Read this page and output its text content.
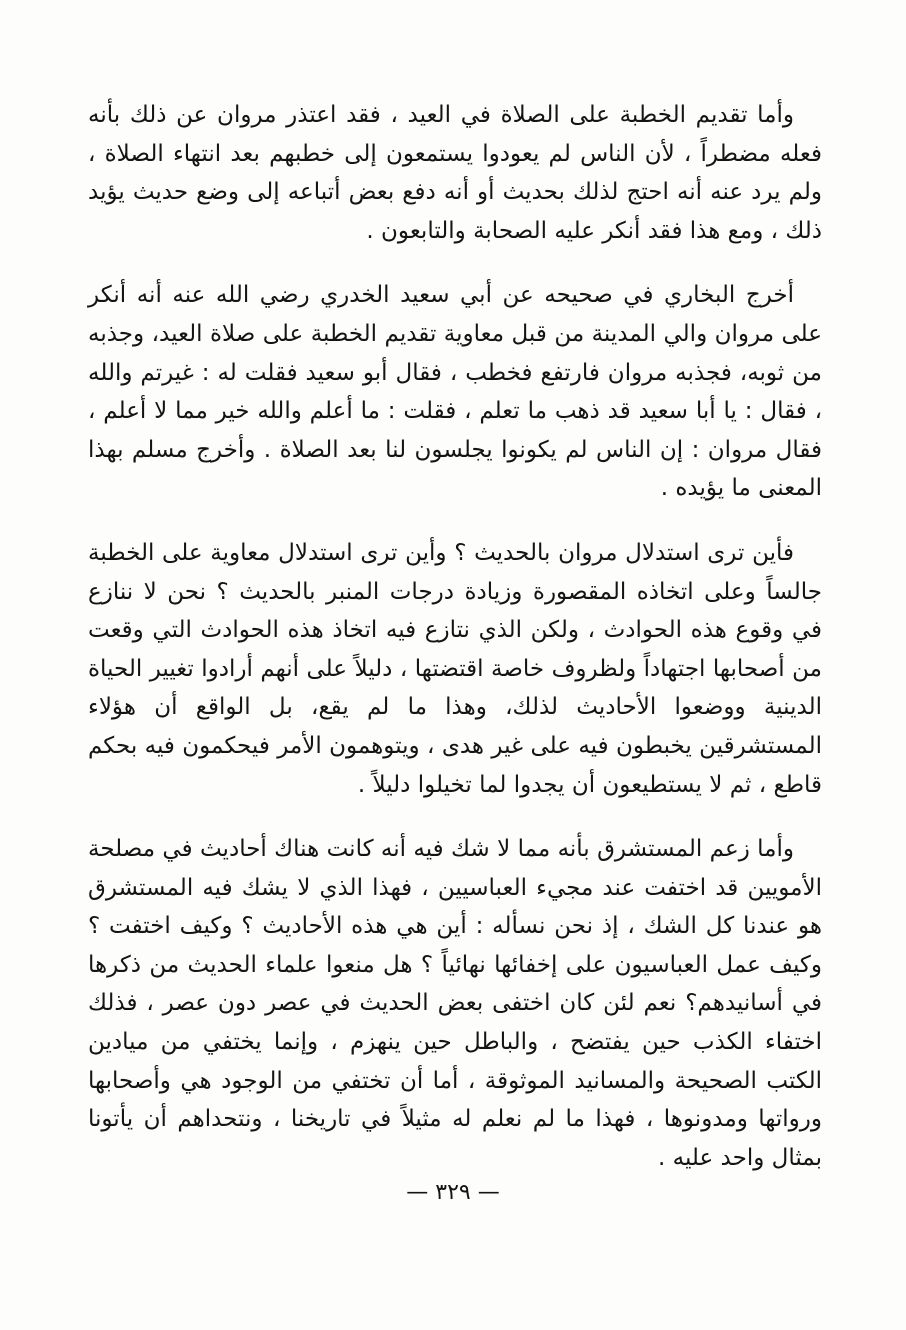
وأما تقديم الخطبة على الصلاة في العيد ، فقد اعتذر مروان عن ذلك بأنه فعله مضطراً ، لأن الناس لم يعودوا يستمعون إلى خطبهم بعد انتهاء الصلاة ، ولم يرد عنه أنه احتج لذلك بحديث أو أنه دفع بعض أتباعه إلى وضع حديث يؤيد ذلك ، ومع هذا فقد أنكر عليه الصحابة والتابعون .

أخرج البخاري في صحيحه عن أبي سعيد الخدري رضي الله عنه أنه أنكر على مروان والي المدينة من قبل معاوية تقديم الخطبة على صلاة العيد، وجذبه من ثوبه، فجذبه مروان فارتفع فخطب ، فقال أبو سعيد فقلت له : غيرتم والله ، فقال : يا أبا سعيد قد ذهب ما تعلم ، فقلت : ما أعلم والله خير مما لا أعلم ، فقال مروان : إن الناس لم يكونوا يجلسون لنا بعد الصلاة . وأخرج مسلم بهذا المعنى ما يؤيده .

فأين ترى استدلال مروان بالحديث ؟ وأين ترى استدلال معاوية على الخطبة جالساً وعلى اتخاذه المقصورة وزيادة درجات المنبر بالحديث ؟ نحن لا ننازع في وقوع هذه الحوادث ، ولكن الذي نتازع فيه اتخاذ هذه الحوادث التي وقعت من أصحابها اجتهاداً ولظروف خاصة اقتضتها ، دليلاً على أنهم أرادوا تغيير الحياة الدينية ووضعوا الأحاديث لذلك، وهذا ما لم يقع، بل الواقع أن هؤلاء المستشرقين يخبطون فيه على غير هدى ، ويتوهمون الأمر فيحكمون فيه بحكم قاطع ، ثم لا يستطيعون أن يجدوا لما تخيلوا دليلاً .

وأما زعم المستشرق بأنه مما لا شك فيه أنه كانت هناك أحاديث في مصلحة الأمويين قد اختفت عند مجيء العباسيين ، فهذا الذي لا يشك فيه المستشرق هو عندنا كل الشك ، إذ نحن نسأله : أين هي هذه الأحاديث ؟ وكيف اختفت ؟ وكيف عمل العباسيون على إخفائها نهائياً ؟ هل منعوا علماء الحديث من ذكرها في أسانيدهم؟ نعم لئن كان اختفى بعض الحديث في عصر دون عصر ، فذلك اختفاء الكذب حين يفتضح ، والباطل حين ينهزم ، وإنما يختفي من ميادين الكتب الصحيحة والمسانيد الموثوقة ، أما أن تختفي من الوجود هي وأصحابها ورواتها ومدونوها ، فهذا ما لم نعلم له مثيلاً في تاريخنا ، ونتحداهم أن يأتونا بمثال واحد عليه .

— ٣٢٩ —
